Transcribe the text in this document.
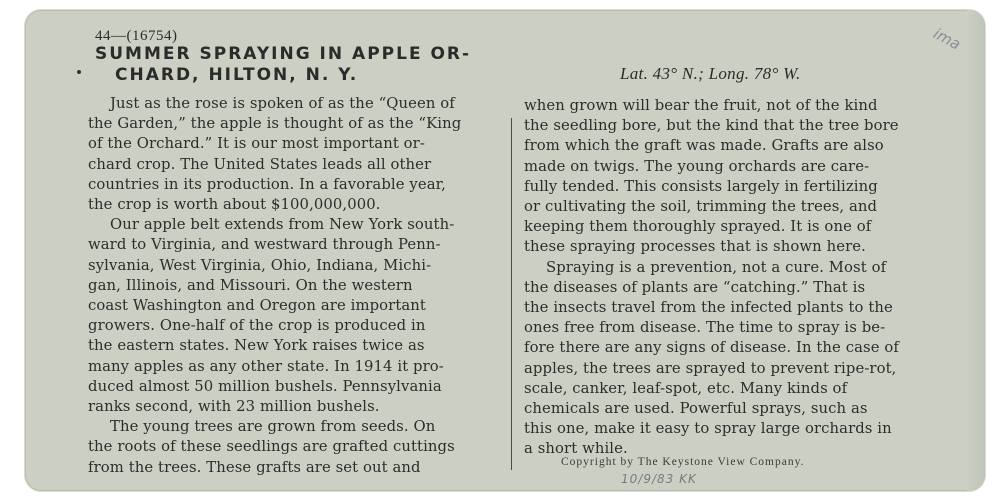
44—(16754)
SUMMER SPRAYING IN APPLE OR-
CHARD, HILTON, N. Y.	Lat. 43° N.; Long. 78° W.
Just as the rose is spoken of as the “Queen of
the Garden,” the apple is thought of as the “King
of the Orchard.” It is our most important or-
chard crop. The United States leads all other
countries in its production. In a favorable year,
the crop is worth about $100,000,000.
Our apple belt extends from New York south-
ward to Virginia, and westward through Penn-
sylvania, West Virginia, Ohio, Indiana, Michi-
gan, Illinois, and Missouri. On the western
coast Washington and Oregon are important
growers. One-half of the crop is produced in
the eastern states. New York raises twice as
many apples as any other state. In 1914 it pro-
duced almost 50 million bushels. Pennsylvania
ranks second, with 23 million bushels.
The young trees are grown from seeds. On
the roots of these seedlings are grafted cuttings
from the trees. These grafts are set out and
when grown will bear the fruit, not of the kind
the seedling bore, but the kind that the tree bore
from which the graft was made. Grafts are also
made on twigs. The young orchards are care-
fully tended. This consists largely in fertilizing
or cultivating the soil, trimming the trees, and
keeping them thoroughly sprayed. It is one of
these spraying processes that is shown here.
Spraying is a prevention, not a cure. Most of
the diseases of plants are “catching.” That is
the insects travel from the infected plants to the
ones free from disease. The time to spray is be-
fore there are any signs of disease. In the case of
apples, the trees are sprayed to prevent ripe-rot,
scale, canker, leaf-spot, etc. Many kinds of
chemicals are used. Powerful sprays, such as
this one, make it easy to spray large orchards in
a short while.
Copyright by The Keystone View Company.
10/9/83 KK
ima
